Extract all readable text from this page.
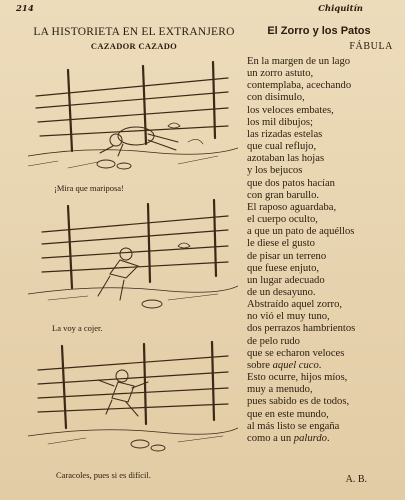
214	Chiquitín
LA HISTORIETA EN EL EXTRANJERO
CAZADOR CAZADO
¡Mira que mariposa!
La voy a cojer.
Caracoles, pues si es difícil.
El Zorro y los Patos
FÁBULA
En la margen de un lago
un zorro astuto,
contemplaba, acechando
con disimulo,
los veloces embates,
los mil dibujos;
las rizadas estelas
que cual reflujo,
azotaban las hojas
y los bejucos
que dos patos hacían
con gran barullo.
El raposo aguardaba,
el cuerpo oculto,
a que un pato de aquéllos
le diese el gusto
de pisar un terreno
que fuese enjuto,
un lugar adecuado
de un desayuno.
Abstraído aquel zorro,
no vió el muy tuno,
dos perrazos hambrientos
de pelo rudo
que se echaron veloces
sobre aquel cuco.
Esto ocurre, hijos míos,
muy a menudo,
pues sabido es de todos,
que en este mundo,
al más listo se engaña
como a un palurdo.
A. B.
